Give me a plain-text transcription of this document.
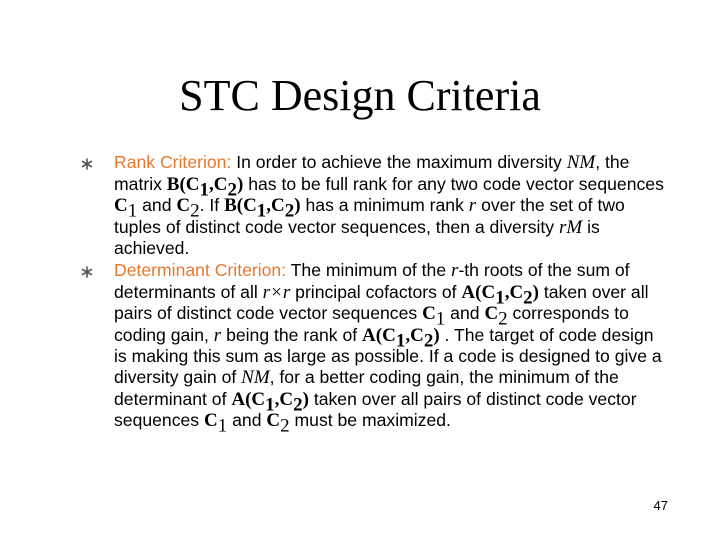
STC Design Criteria
Rank Criterion: In order to achieve the maximum diversity NM, the matrix $B(C_1,C_2)$ has to be full rank for any two code vector sequences $C_1$ and $C_2$. If $B(C_1,C_2)$ has a minimum rank r over the set of two tuples of distinct code vector sequences, then a diversity rM is achieved.
Determinant Criterion: The minimum of the r-th roots of the sum of determinants of all r×r principal cofactors of $A(C_1,C_2)$ taken over all pairs of distinct code vector sequences $C_1$ and $C_2$ corresponds to coding gain, r being the rank of $A(C_1,C_2)$ . The target of code design is making this sum as large as possible. If a code is designed to give a diversity gain of NM, for a better coding gain, the minimum of the determinant of $A(C_1,C_2)$ taken over all pairs of distinct code vector sequences $C_1$ and $C_2$ must be maximized.
47
